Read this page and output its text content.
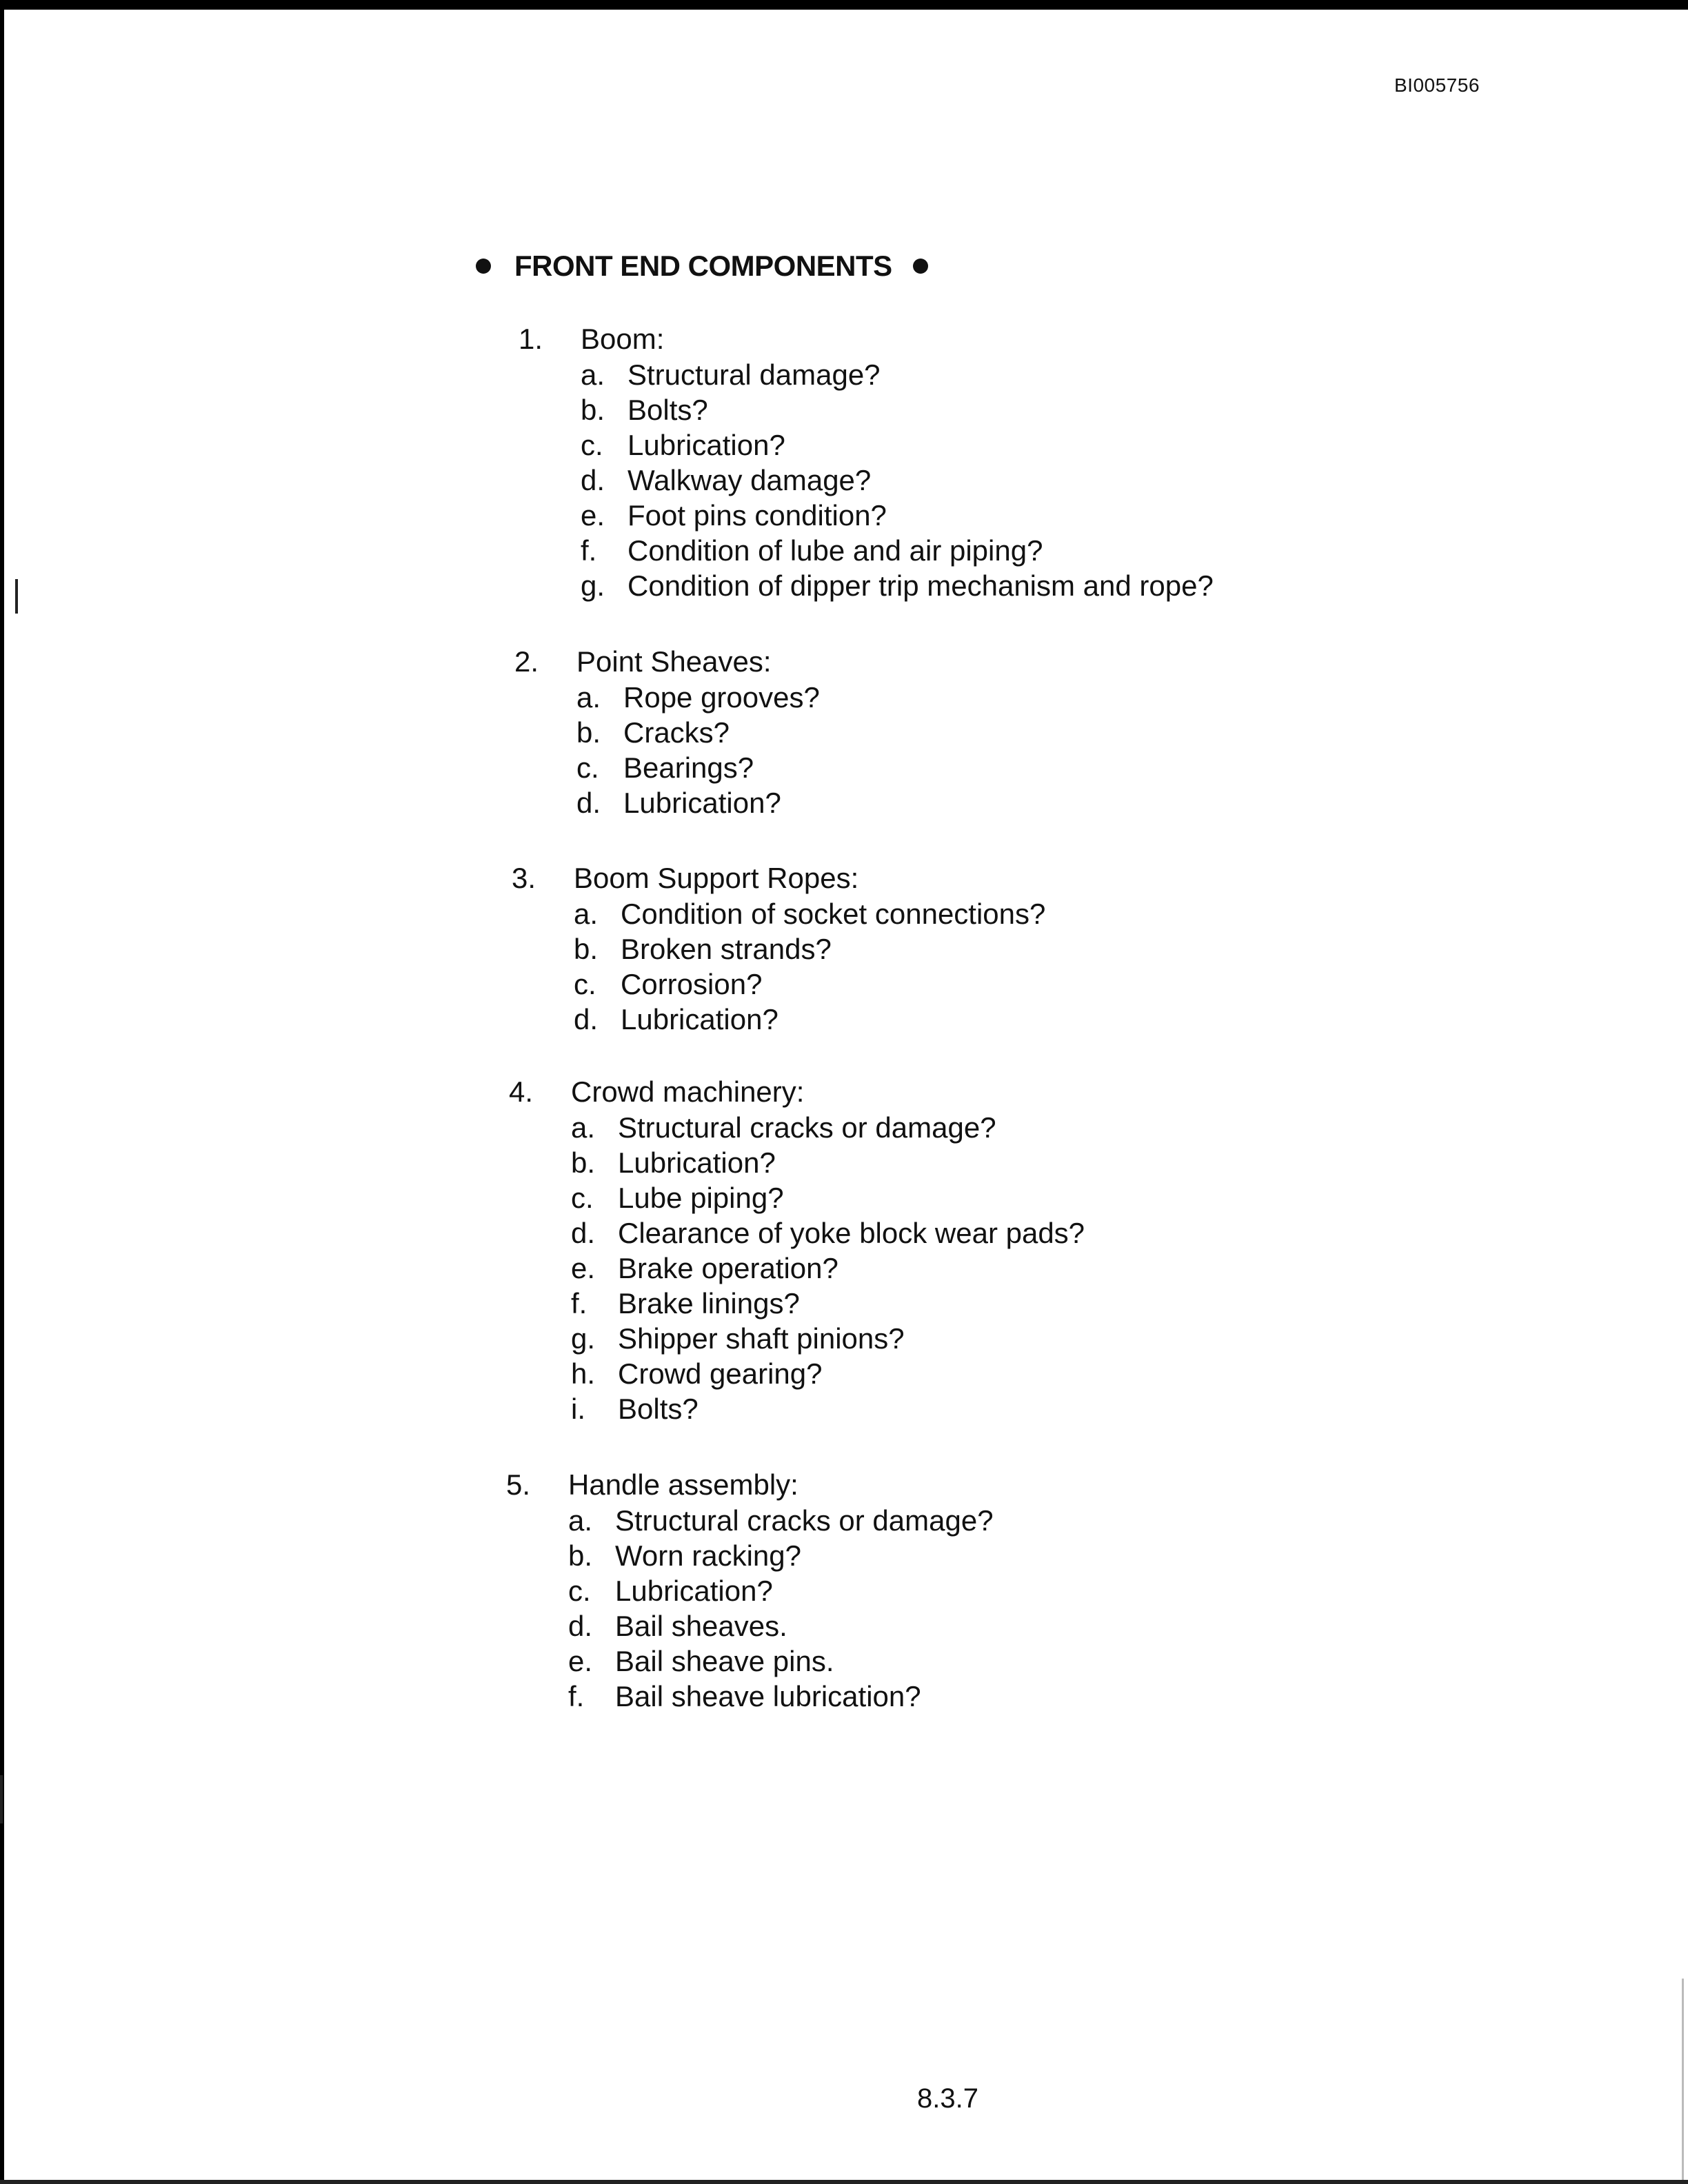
BI005756
FRONT END COMPONENTS
1.	Boom:
a. Structural damage?
b. Bolts?
c. Lubrication?
d. Walkway damage?
e. Foot pins condition?
f.	Condition of lube and air piping?
g. Condition of dipper trip mechanism and rope?
2.	Point Sheaves:
a. Rope grooves?
b. Cracks?
c. Bearings?
d. Lubrication?
3.	Boom Support Ropes:
a. Condition of socket connections?
b. Broken strands?
c. Corrosion?
d. Lubrication?
4.	Crowd machinery:
a. Structural cracks or damage?
b. Lubrication?
c. Lube piping?
d. Clearance of yoke block wear pads?
e. Brake operation?
f.	Brake linings?
g. Shipper shaft pinions?
h. Crowd gearing?
i.	Bolts?
5.	Handle assembly:
a. Structural cracks or damage?
b. Worn racking?
c. Lubrication?
d. Bail sheaves.
e. Bail sheave pins.
f.	Bail sheave lubrication?
8.3.7
